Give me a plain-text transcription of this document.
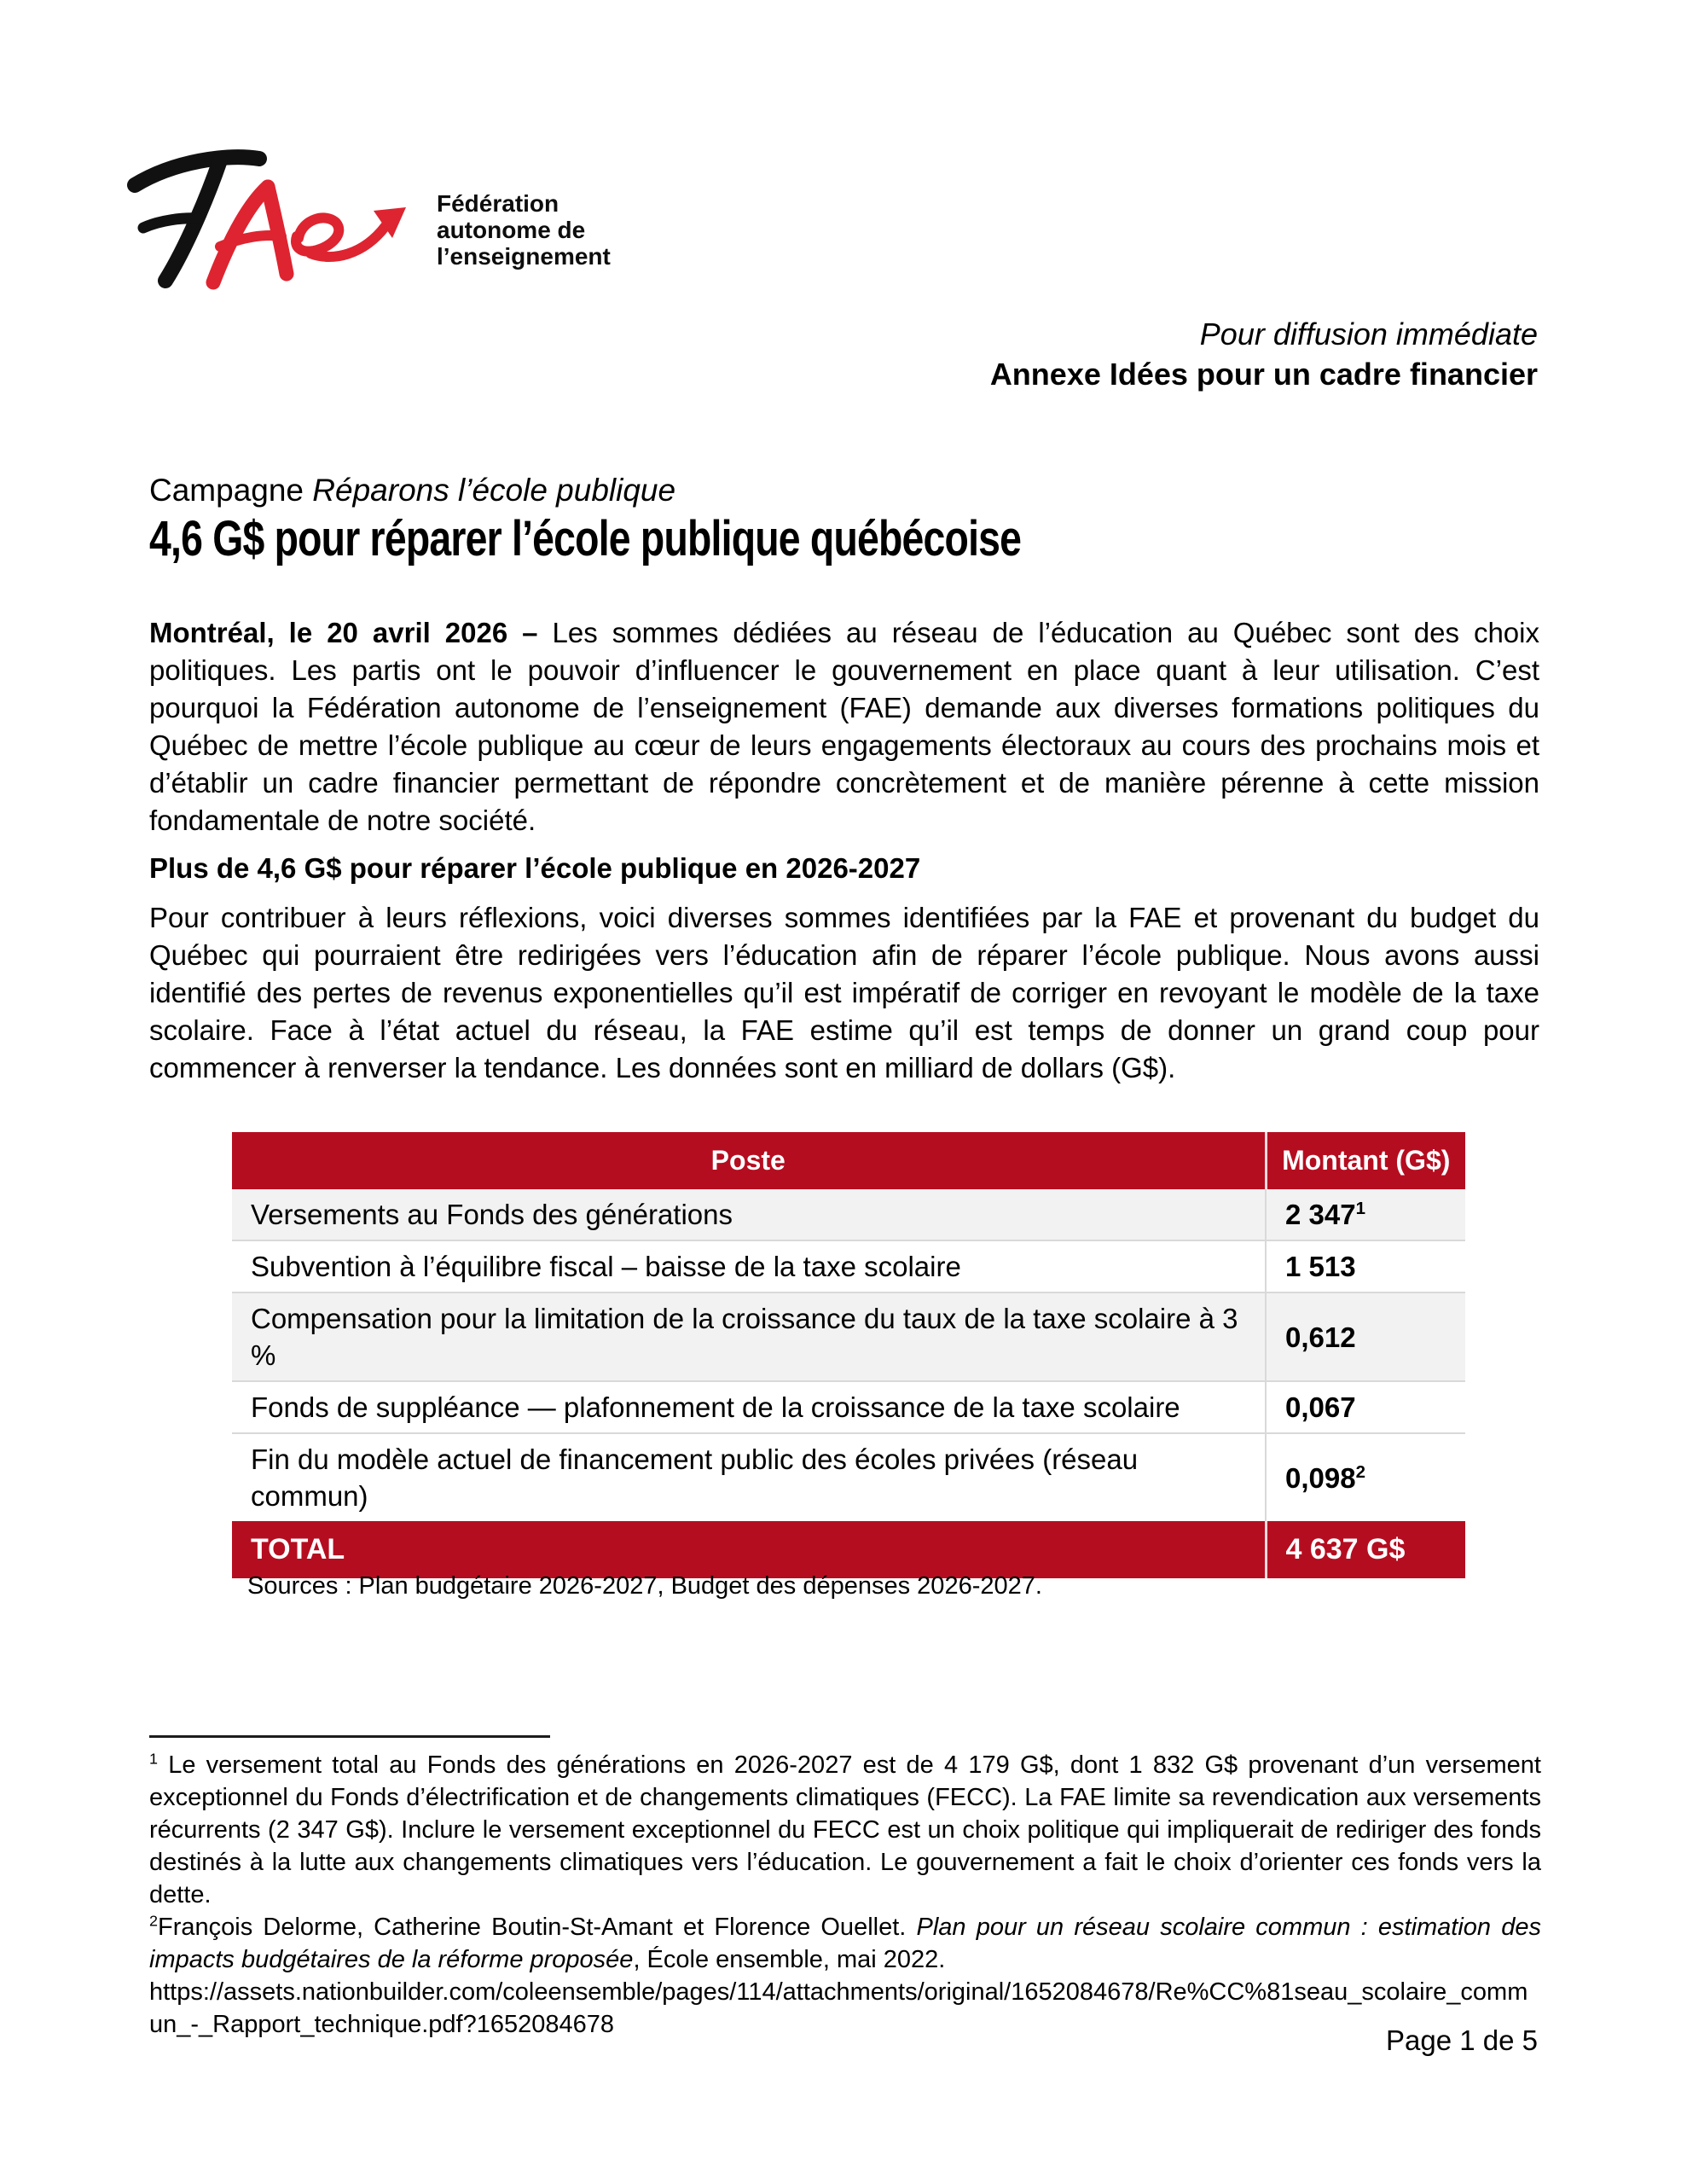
Fédération
autonome de
l’enseignement
Pour diffusion immédiate
Annexe Idées pour un cadre financier
Campagne Réparons l’école publique
4,6 G$ pour réparer l’école publique québécoise

Montréal, le 20 avril 2026 – Les sommes dédiées au réseau de l’éducation au Québec sont des choix politiques. Les partis ont le pouvoir d’influencer le gouvernement en place quant à leur utilisation. C’est pourquoi la Fédération autonome de l’enseignement (FAE) demande aux diverses formations politiques du Québec de mettre l’école publique au cœur de leurs engagements électoraux au cours des prochains mois et d’établir un cadre financier permettant de répondre concrètement et de manière pérenne à cette mission fondamentale de notre société.

Plus de 4,6 G$ pour réparer l’école publique en 2026-2027

Pour contribuer à leurs réflexions, voici diverses sommes identifiées par la FAE et provenant du budget du Québec qui pourraient être redirigées vers l’éducation afin de réparer l’école publique. Nous avons aussi identifié des pertes de revenus exponentielles qu’il est impératif de corriger en revoyant le modèle de la taxe scolaire. Face à l’état actuel du réseau, la FAE estime qu’il est temps de donner un grand coup pour commencer à renverser la tendance. Les données sont en milliard de dollars (G$).

Poste	Montant (G$)
Versements au Fonds des générations	2 $347^1$
Subvention à l’équilibre fiscal – baisse de la taxe scolaire	1 513
Compensation pour la limitation de la croissance du taux de la taxe scolaire à 3 %	0,612
Fonds de suppléance — plafonnement de la croissance de la taxe scolaire	0,067
Fin du modèle actuel de financement public des écoles privées (réseau commun)	0,098$^2$
TOTAL	4 637 G$
Sources : Plan budgétaire 2026-2027, Budget des dépenses 2026-2027.

$^1$ Le versement total au Fonds des générations en 2026-2027 est de 4 179 G$, dont 1 832 G$ provenant d’un versement exceptionnel du Fonds d’électrification et de changements climatiques (FECC). La FAE limite sa revendication aux versements récurrents (2 347 G$). Inclure le versement exceptionnel du FECC est un choix politique qui impliquerait de rediriger des fonds destinés à la lutte aux changements climatiques vers l’éducation. Le gouvernement a fait le choix d’orienter ces fonds vers la dette.

$^2$François Delorme, Catherine Boutin-St-Amant et Florence Ouellet. Plan pour un réseau scolaire commun : estimation des impacts budgétaires de la réforme proposée, École ensemble, mai 2022.
https://assets.nationbuilder.com/coleensemble/pages/114/attachments/original/1652084678/Re%CC%81seau_scolaire_commun_-_Rapport_technique.pdf?1652084678	Page 1 de 5
